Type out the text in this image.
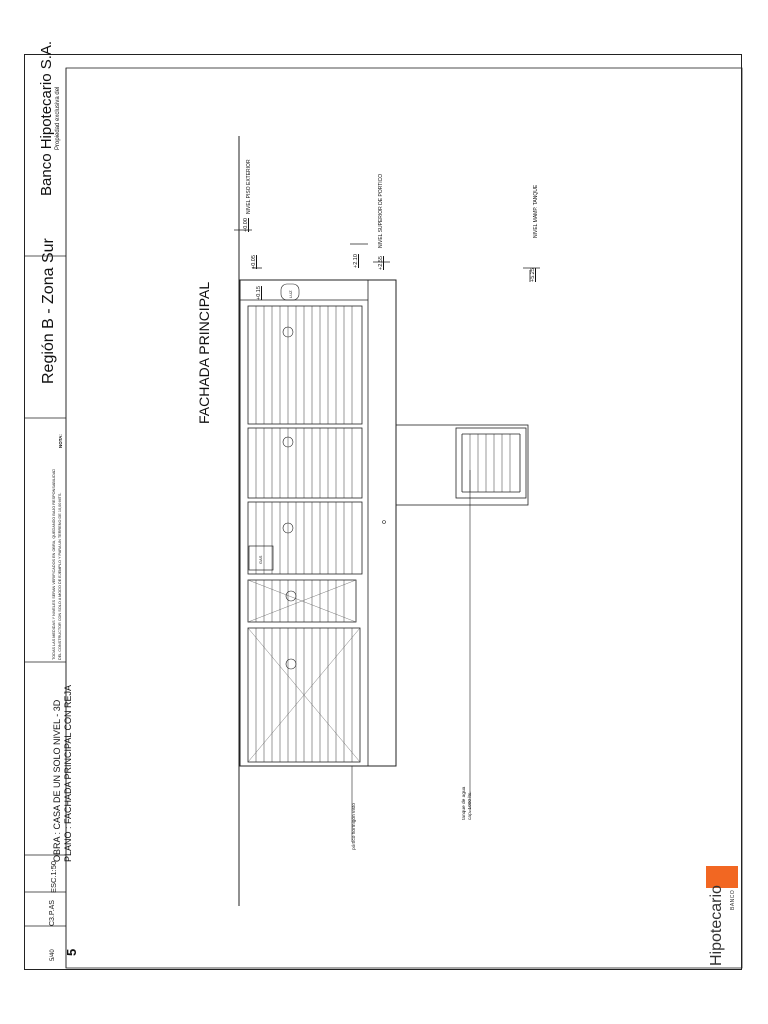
Propiedad exclusiva del
Banco Hipotecario S.A.
Región B - Zona Sur
NOTA:
TODAS LAS MEDIDAS Y NIVELES SERAN VERIFICADOS EN OBRA, QUEDANDO BAJO RESPONSABILIDAD DEL CONSTRUCTOR CON SOLO A MODO DE EJEMPLO Y PARA UN TERRENO DE 10,00 MTS.
OBRA : CASA DE UN SOLO NIVEL - 3D PLANO : FACHADA PRINCIPAL CON REJA
ESC.1:50
C3.P.AS
5/40 5
FACHADA PRINCIPAL
NIVEL MAMP. TANQUE
+5.25
NIVEL SUPERIOR DE PORTICO
+2.55
+2.10
NIVEL PISO EXTERIOR
+0.00
+0.05
+0.15
tanque de agua cap. 1000 lts.
pórtico hormigón visto
GAS
LUZ
BANCO
Hipotecario
